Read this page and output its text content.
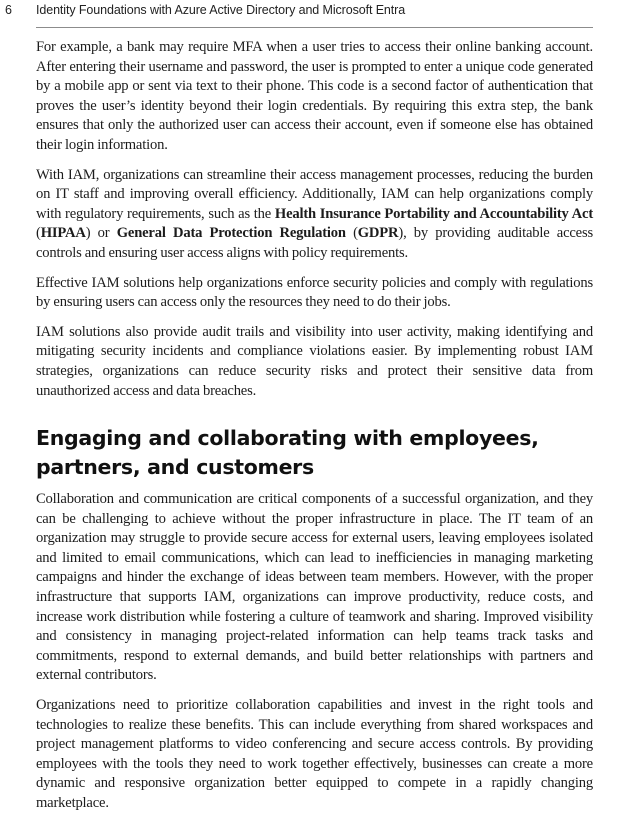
6 Identity Foundations with Azure Active Directory and Microsoft Entra

For example, a bank may require MFA when a user tries to access their online banking account. After entering their username and password, the user is prompted to enter a unique code generated by a mobile app or sent via text to their phone. This code is a second factor of authentication that proves the user’s identity beyond their login credentials. By requiring this extra step, the bank ensures that only the authorized user can access their account, even if someone else has obtained their login information.

With IAM, organizations can streamline their access management processes, reducing the burden on IT staff and improving overall efficiency. Additionally, IAM can help organizations comply with regulatory requirements, such as the Health Insurance Portability and Accountability Act (HIPAA) or General Data Protection Regulation (GDPR), by providing auditable access controls and ensuring user access aligns with policy requirements.

Effective IAM solutions help organizations enforce security policies and comply with regulations by ensuring users can access only the resources they need to do their jobs.

IAM solutions also provide audit trails and visibility into user activity, making identifying and mitigating security incidents and compliance violations easier. By implementing robust IAM strategies, organizations can reduce security risks and protect their sensitive data from unauthorized access and data breaches.

Engaging and collaborating with employees, partners, and customers

Collaboration and communication are critical components of a successful organization, and they can be challenging to achieve without the proper infrastructure in place. The IT team of an organization may struggle to provide secure access for external users, leaving employees isolated and limited to email communications, which can lead to inefficiencies in managing marketing campaigns and hinder the exchange of ideas between team members. However, with the proper infrastructure that supports IAM, organizations can improve productivity, reduce costs, and increase work distribution while fostering a culture of teamwork and sharing. Improved visibility and consistency in managing project-related information can help teams track tasks and commitments, respond to external demands, and build better relationships with partners and external contributors.

Organizations need to prioritize collaboration capabilities and invest in the right tools and technologies to realize these benefits. This can include everything from shared workspaces and project management platforms to video conferencing and secure access controls. By providing employees with the tools they need to work together effectively, businesses can create a more dynamic and responsive organization better equipped to compete in a rapidly changing marketplace.
